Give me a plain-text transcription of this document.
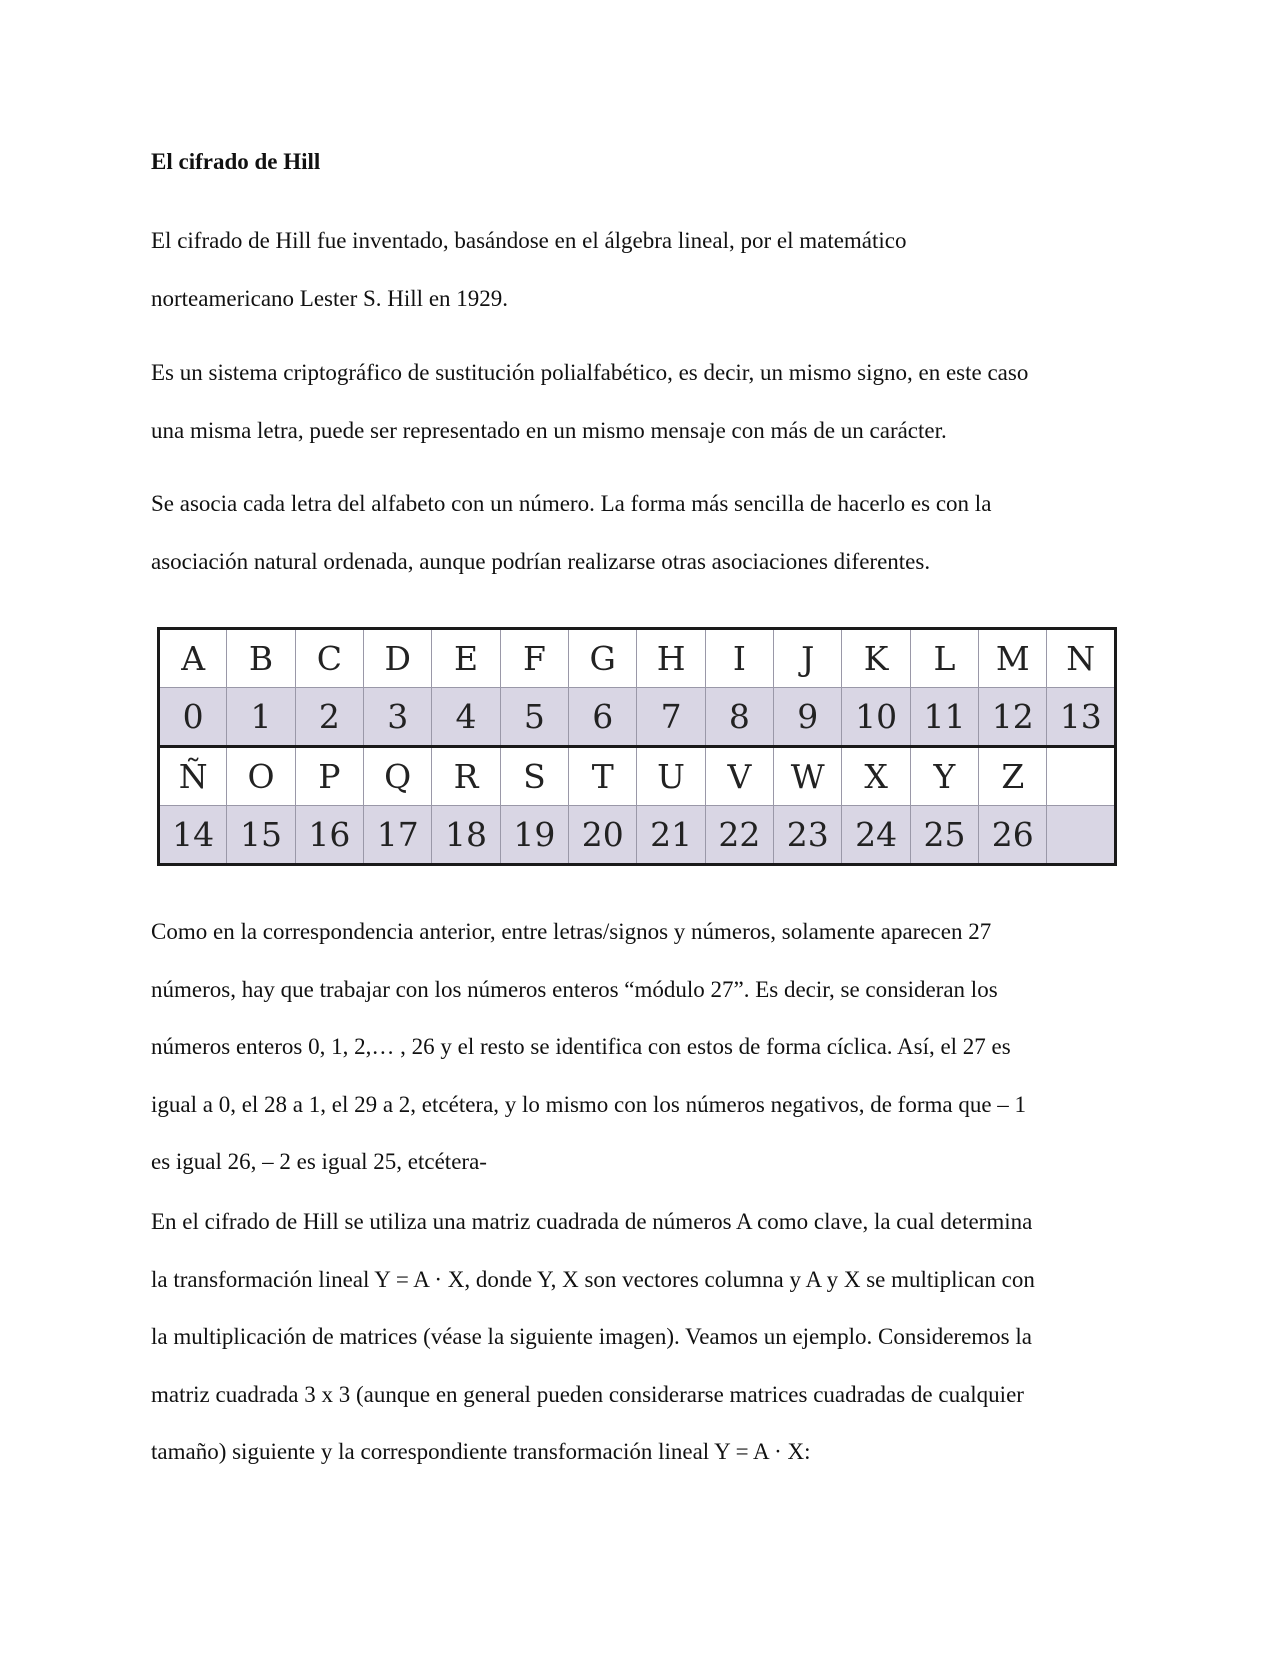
El cifrado de Hill

El cifrado de Hill fue inventado, basándose en el álgebra lineal, por el matemático
norteamericano Lester S. Hill en 1929.

Es un sistema criptográfico de sustitución polialfabético, es decir, un mismo signo, en este caso
una misma letra, puede ser representado en un mismo mensaje con más de un carácter.

Se asocia cada letra del alfabeto con un número. La forma más sencilla de hacerlo es con la
asociación natural ordenada, aunque podrían realizarse otras asociaciones diferentes.

A	B	C	D	E	F	G	H	I	J	K	L	M	N
0	1	2	3	4	5	6	7	8	9	10	11	12	13
Ñ	O	P	Q	R	S	T	U	V	W	X	Y	Z	
14	15	16	17	18	19	20	21	22	23	24	25	26	

Como en la correspondencia anterior, entre letras/signos y números, solamente aparecen 27
números, hay que trabajar con los números enteros “módulo 27”. Es decir, se consideran los
números enteros 0, 1, 2,… , 26 y el resto se identifica con estos de forma cíclica. Así, el 27 es
igual a 0, el 28 a 1, el 29 a 2, etcétera, y lo mismo con los números negativos, de forma que – 1
es igual 26, – 2 es igual 25, etcétera-

En el cifrado de Hill se utiliza una matriz cuadrada de números A como clave, la cual determina
la transformación lineal Y = A · X, donde Y, X son vectores columna y A y X se multiplican con
la multiplicación de matrices (véase la siguiente imagen). Veamos un ejemplo. Consideremos la
matriz cuadrada 3 x 3 (aunque en general pueden considerarse matrices cuadradas de cualquier
tamaño) siguiente y la correspondiente transformación lineal Y = A · X:
